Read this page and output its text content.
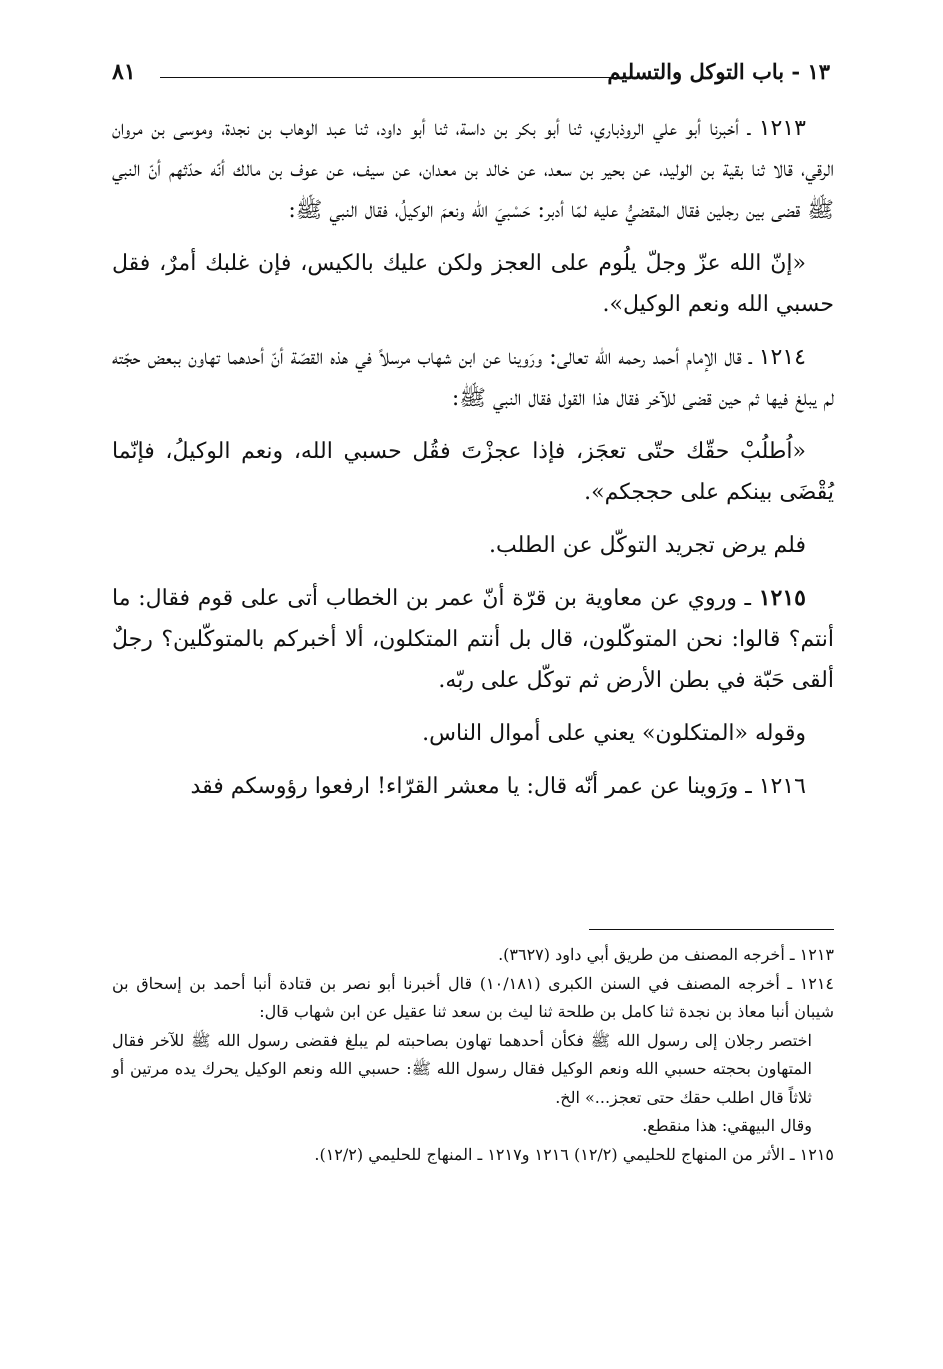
١٣ - باب التوكل والتسليم
٨١

١٢١٣ ـ أخبرنا أبو علي الروذباري، ثنا أبو بكر بن داسة، ثنا أبو داود، ثنا عبد الوهاب بن نجدة، وموسى بن مروان الرقي، قالا ثنا بقية بن الوليد، عن بحير بن سعد، عن خالد بن معدان، عن سيف، عن عوف بن مالك أنّه حدّثهم أنّ النبي ﷺ قضى بين رجلين فقال المقضيُّ عليه لمّا أدبر: حَسْبيَ الله ونعمَ الوكيلُ، فقال النبي ﷺ:

«إنّ الله عزّ وجلّ يلُوم على العجز ولكن عليك بالكيس، فإن غلبك أمرٌ، فقل حسبي الله ونعم الوكيل».

١٢١٤ ـ قال الإمام أحمد رحمه الله تعالى: ورَوينا عن ابن شهاب مرسلاً في هذه القصّة أنّ أحدهما تهاون ببعض حجّته لم يبلغ فيها ثم حين قضى للآخر فقال هذا القول فقال النبي ﷺ:

«اُطلُبْ حقّك حتّى تعجَز، فإذا عجزْتَ فقُل حسبي الله، ونعم الوكيلُ، فإنّما يُقْضَى بينكم على حججكم».

فلم يرض تجريد التوكّل عن الطلب.

١٢١٥ ـ وروي عن معاوية بن قرّة أنّ عمر بن الخطاب أتى على قوم فقال: ما أنتم؟ قالوا: نحن المتوكّلون، قال بل أنتم المتكلون، ألا أخبركم بالمتوكّلين؟ رجلٌ ألقى حَبّة في بطن الأرض ثم توكّل على ربّه.

وقوله «المتكلون» يعني على أموال الناس.

١٢١٦ ـ ورَوينا عن عمر أنّه قال: يا معشر القرّاء! ارفعوا رؤوسكم فقد

١٢١٣ ـ أخرجه المصنف من طريق أبي داود (٣٦٢٧).

١٢١٤ ـ أخرجه المصنف في السنن الكبرى (١٠/١٨١) قال أخبرنا أبو نصر بن قتادة أنبا أحمد بن إسحاق بن شيبان أنبا معاذ بن نجدة ثنا كامل بن طلحة ثنا ليث بن سعد ثنا عقيل عن ابن شهاب قال:

اختصر رجلان إلى رسول الله ﷺ فكأن أحدهما تهاون بصاحبته لم يبلغ فقضى رسول الله ﷺ للآخر فقال المتهاون بحجته حسبي الله ونعم الوكيل فقال رسول الله ﷺ: حسبي الله ونعم الوكيل يحرك يده مرتين أو ثلاثاً قال اطلب حقك حتى تعجز...» الخ.

وقال البيهقي: هذا منقطع.

١٢١٥ ـ الأثر من المنهاج للحليمي (١٢/٢) ١٢١٦ و١٢١٧ ـ المنهاج للحليمي (١٢/٢).
